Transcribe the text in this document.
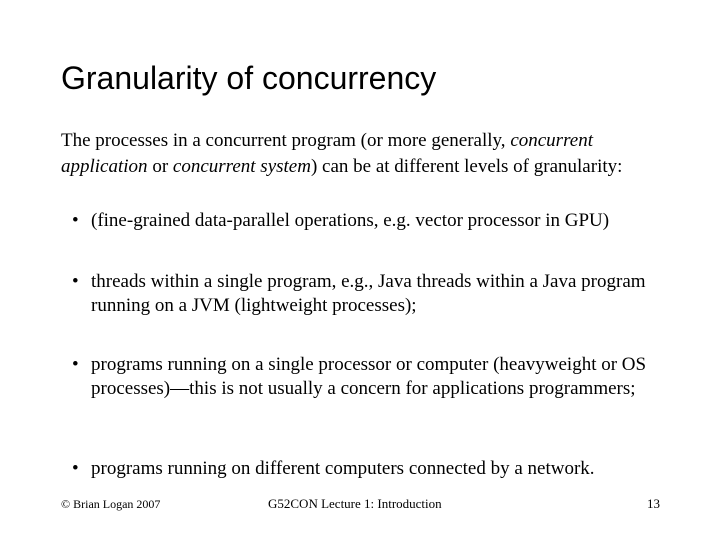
Granularity of concurrency

The processes in a concurrent program (or more generally, concurrent application or concurrent system) can be at different levels of granularity:

• (fine-grained data-parallel operations, e.g. vector processor in GPU)
• threads within a single program, e.g., Java threads within a Java program running on a JVM (lightweight processes);
• programs running on a single processor or computer (heavyweight or OS processes)—this is not usually a concern for applications programmers;
• programs running on different computers connected by a network.
© Brian Logan 2007	G52CON Lecture 1: Introduction	13
